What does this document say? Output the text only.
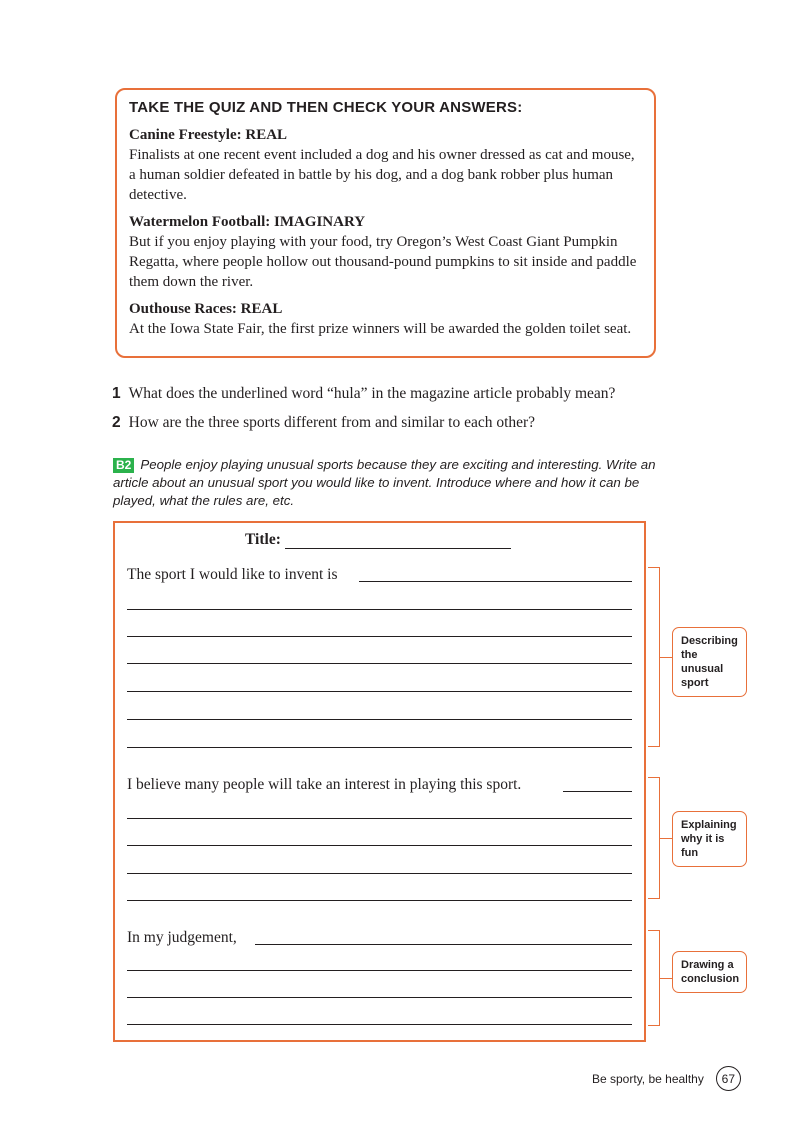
TAKE THE QUIZ AND THEN CHECK YOUR ANSWERS:
Canine Freestyle: REAL
Finalists at one recent event included a dog and his owner dressed as cat and mouse, a human soldier defeated in battle by his dog, and a dog bank robber plus human detective.
Watermelon Football: IMAGINARY
But if you enjoy playing with your food, try Oregon’s West Coast Giant Pumpkin Regatta, where people hollow out thousand-pound pumpkins to sit inside and paddle them down the river.
Outhouse Races: REAL
At the Iowa State Fair, the first prize winners will be awarded the golden toilet seat.
1 What does the underlined word “hula” in the magazine article probably mean?
2 How are the three sports different from and similar to each other?
B2 People enjoy playing unusual sports because they are exciting and interesting. Write an article about an unusual sport you would like to invent. Introduce where and how it can be played, what the rules are, etc.
Title:
The sport I would like to invent is
I believe many people will take an interest in playing this sport.
In my judgement,
Describing the unusual sport
Explaining why it is fun
Drawing a conclusion
Be sporty, be healthy	67
